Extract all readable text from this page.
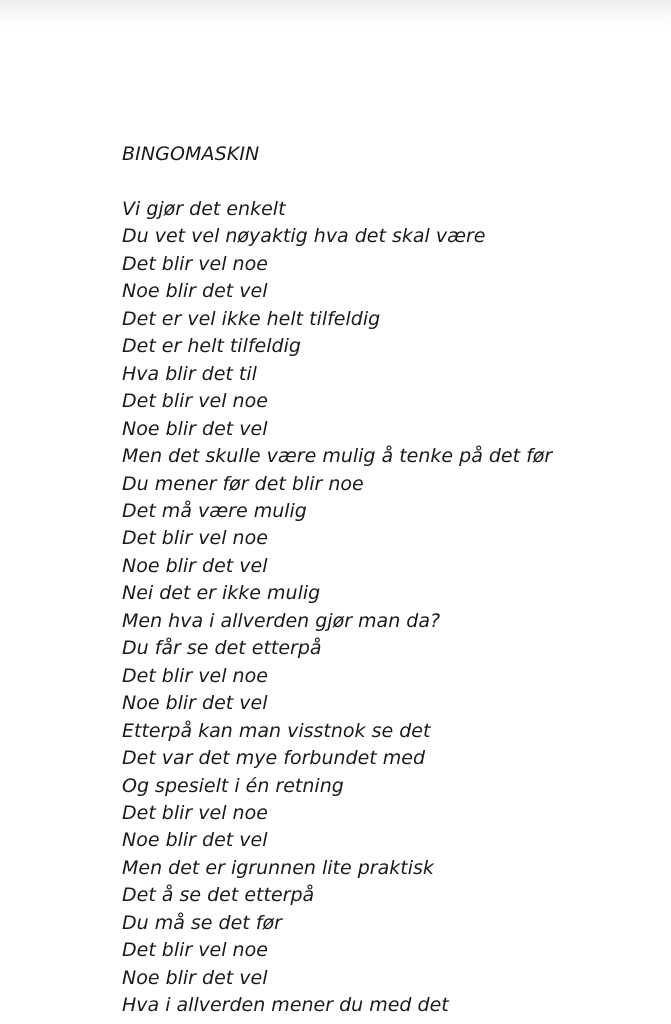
BINGOMASKIN
Vi gjør det enkelt
Du vet vel nøyaktig hva det skal være
Det blir vel noe
Noe blir det vel
Det er vel ikke helt tilfeldig
Det er helt tilfeldig
Hva blir det til
Det blir vel noe
Noe blir det vel
Men det skulle være mulig å tenke på det før
Du mener før det blir noe
Det må være mulig
Det blir vel noe
Noe blir det vel
Nei det er ikke mulig
Men hva i allverden gjør man da?
Du får se det etterpå
Det blir vel noe
Noe blir det vel
Etterpå kan man visstnok se det
Det var det mye forbundet med
Og spesielt i én retning
Det blir vel noe
Noe blir det vel
Men det er igrunnen lite praktisk
Det å se det etterpå
Du må se det før
Det blir vel noe
Noe blir det vel
Hva i allverden mener du med det
